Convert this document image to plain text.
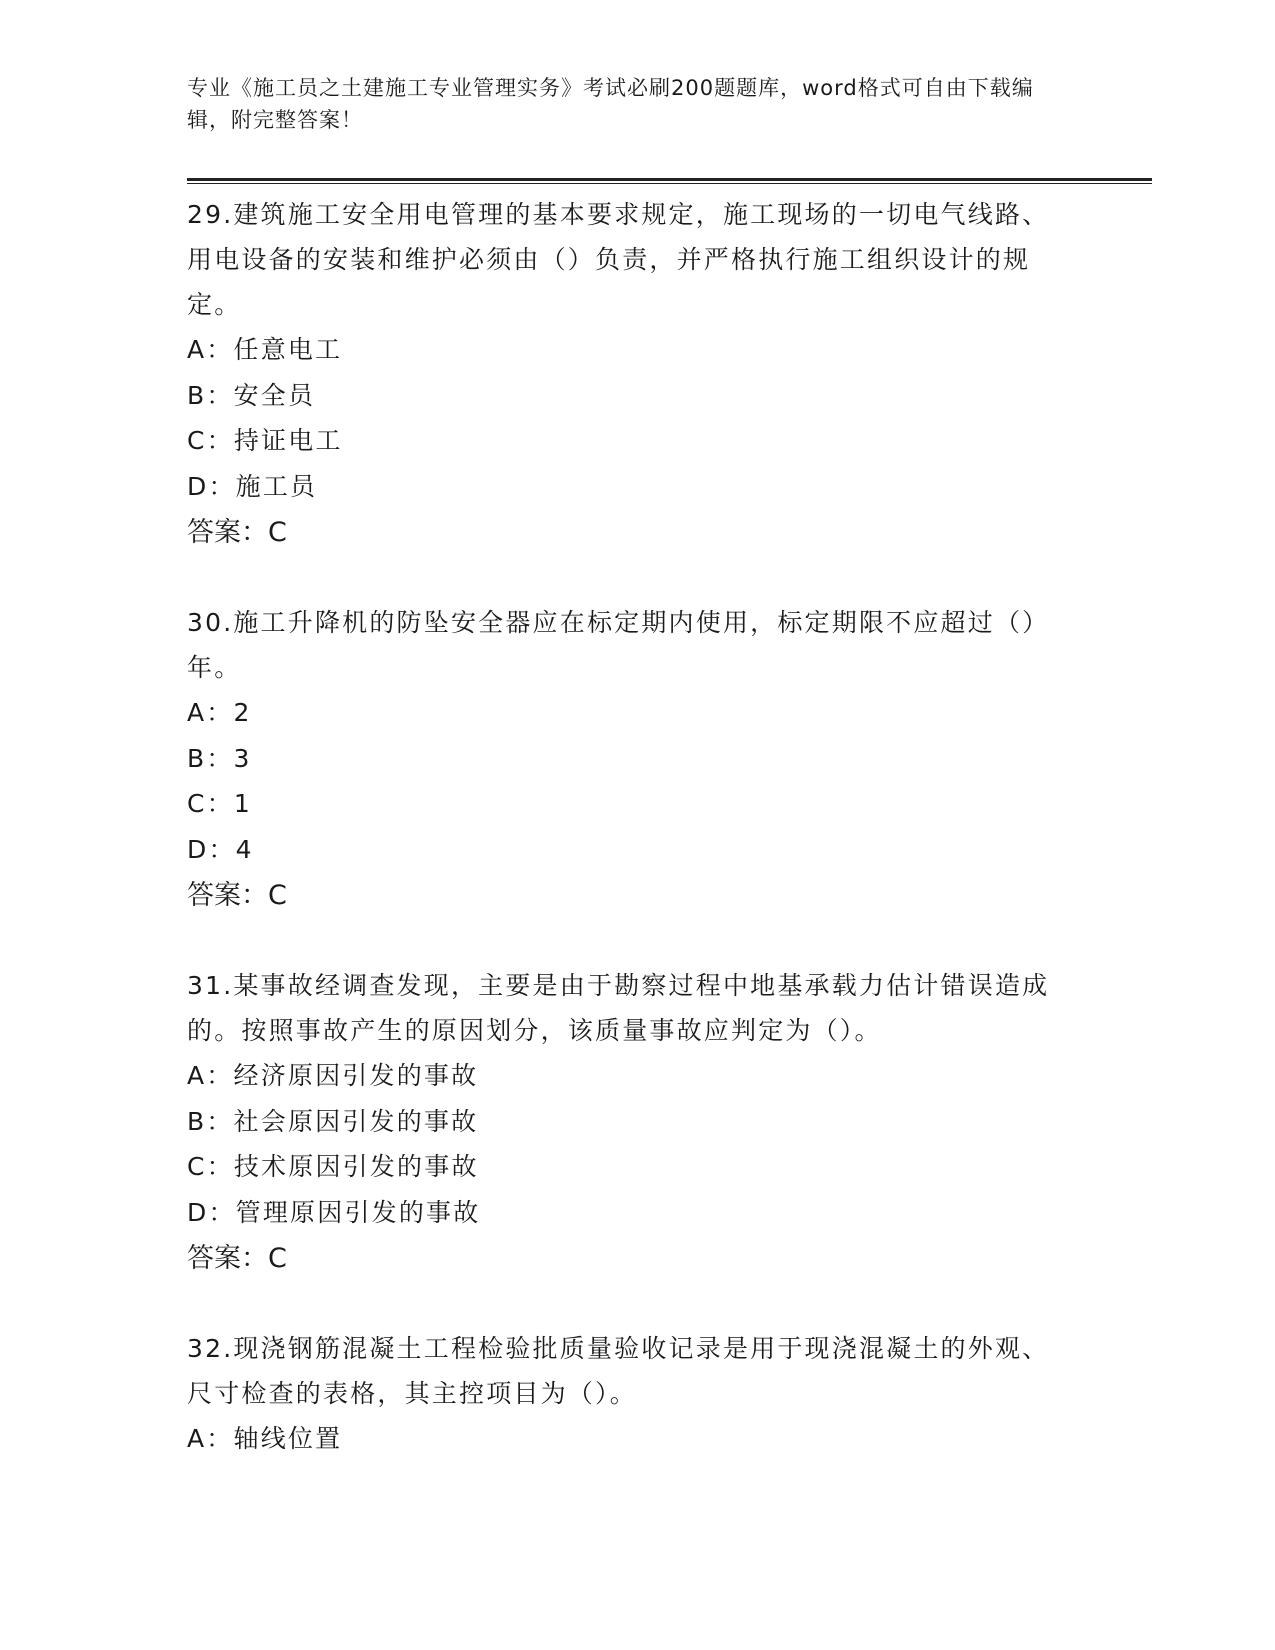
专业《施工员之土建施工专业管理实务》考试必刷200题题库，word格式可自由下载编辑，附完整答案！

29.建筑施工安全用电管理的基本要求规定，施工现场的一切电气线路、用电设备的安装和维护必须由（）负责，并严格执行施工组织设计的规定。

A：任意电工

B：安全员

C：持证电工

D：施工员

答案：C

30.施工升降机的防坠安全器应在标定期内使用，标定期限不应超过（）年。

A：2

B：3

C：1

D：4

答案：C

31.某事故经调查发现，主要是由于勘察过程中地基承载力估计错误造成的。按照事故产生的原因划分，该质量事故应判定为（）。

A：经济原因引发的事故

B：社会原因引发的事故

C：技术原因引发的事故

D：管理原因引发的事故

答案：C

32.现浇钢筋混凝土工程检验批质量验收记录是用于现浇混凝土的外观、尺寸检查的表格，其主控项目为（）。

A：轴线位置
